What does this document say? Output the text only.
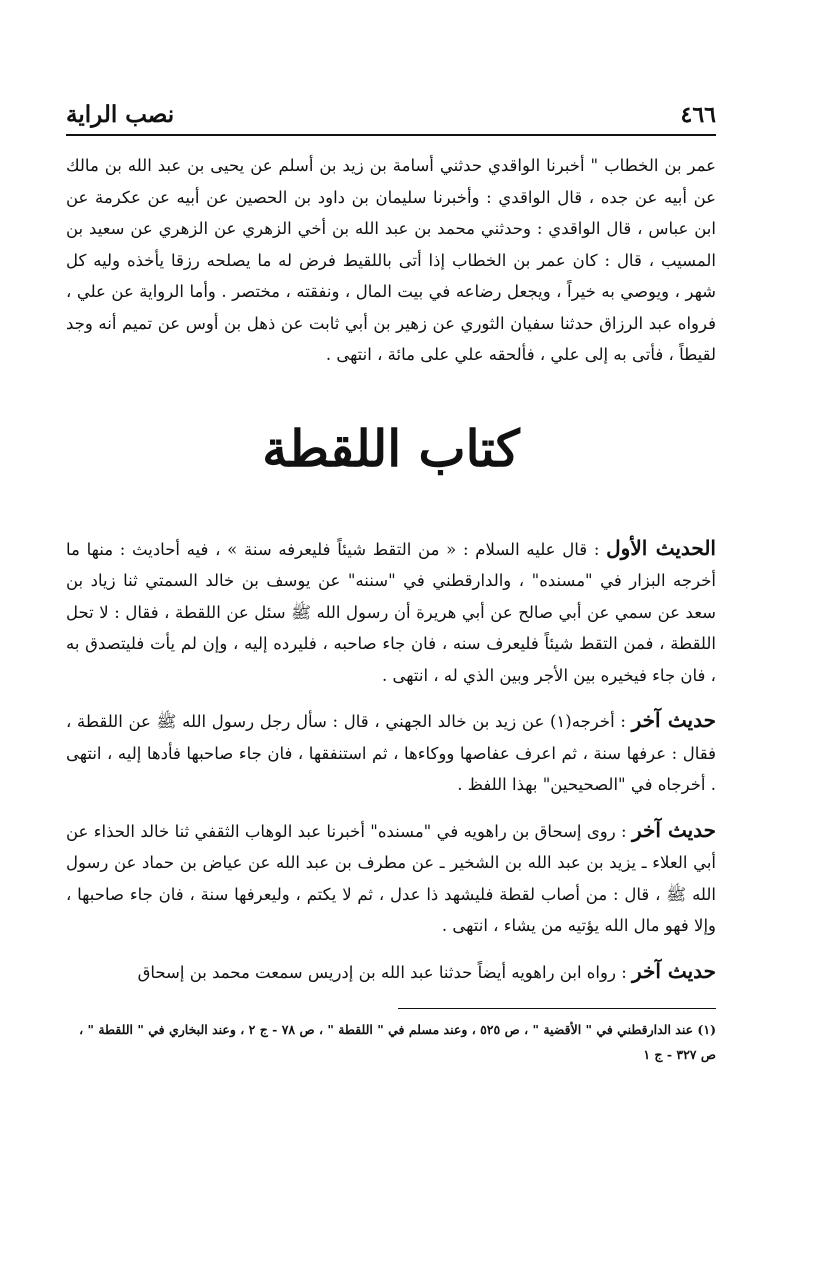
٤٦٦
نصب الراية

عمر بن الخطاب " أخبرنا الواقدي حدثني أسامة بن زيد بن أسلم عن يحيى بن عبد الله بن مالك عن أبيه عن جده ، قال الواقدي : وأخبرنا سليمان بن داود بن الحصين عن أبيه عن عكرمة عن ابن عباس ، قال الواقدي : وحدثني محمد بن عبد الله بن أخي الزهري عن الزهري عن سعيد بن المسيب ، قال : كان عمر بن الخطاب إذا أتى باللقيط فرض له ما يصلحه رزقا يأخذه وليه كل شهر ، ويوصي به خيراً ، ويجعل رضاعه في بيت المال ، ونفقته ، مختصر . وأما الرواية عن علي ، فرواه عبد الرزاق حدثنا سفيان الثوري عن زهير بن أبي ثابت عن ذهل بن أوس عن تميم أنه وجد لقيطاً ، فأتى به إلى علي ، فألحقه علي على مائة ، انتهى .

كتاب اللقطة

الحديث الأول : قال عليه السلام : « من التقط شيئاً فليعرفه سنة » ، فيه أحاديث : منها ما أخرجه البزار في "مسنده" ، والدارقطني في "سننه" عن يوسف بن خالد السمتي ثنا زياد بن سعد عن سمي عن أبي صالح عن أبي هريرة أن رسول الله ﷺ سئل عن اللقطة ، فقال : لا تحل اللقطة ، فمن التقط شيئاً فليعرف سنه ، فان جاء صاحبه ، فليرده إليه ، وإن لم يأت فليتصدق به ، فان جاء فيخيره بين الأجر وبين الذي له ، انتهى .

حديث آخر : أخرجه(١) عن زيد بن خالد الجهني ، قال : سأل رجل رسول الله ﷺ عن اللقطة ، فقال : عرفها سنة ، ثم اعرف عفاصها ووكاءها ، ثم استنفقها ، فان جاء صاحبها فأدها إليه ، انتهى . أخرجاه في "الصحيحين" بهذا اللفظ .

حديث آخر : روى إسحاق بن راهويه في "مسنده" أخبرنا عبد الوهاب الثقفي ثنا خالد الحذاء عن أبي العلاء ـ يزيد بن عبد الله بن الشخير ـ عن مطرف بن عبد الله عن عياض بن حماد عن رسول الله ﷺ ، قال : من أصاب لقطة فليشهد ذا عدل ، ثم لا يكتم ، وليعرفها سنة ، فان جاء صاحبها ، وإلا فهو مال الله يؤتيه من يشاء ، انتهى .

حديث آخر : رواه ابن راهويه أيضاً حدثنا عبد الله بن إدريس سمعت محمد بن إسحاق

(١) عند الدارقطني في " الأقضية " ، ص ٥٢٥ ، وعند مسلم في " اللقطة " ، ص ٧٨ - ج ٢ ، وعند البخاري في " اللقطة " ، ص ٣٢٧ - ج ١
